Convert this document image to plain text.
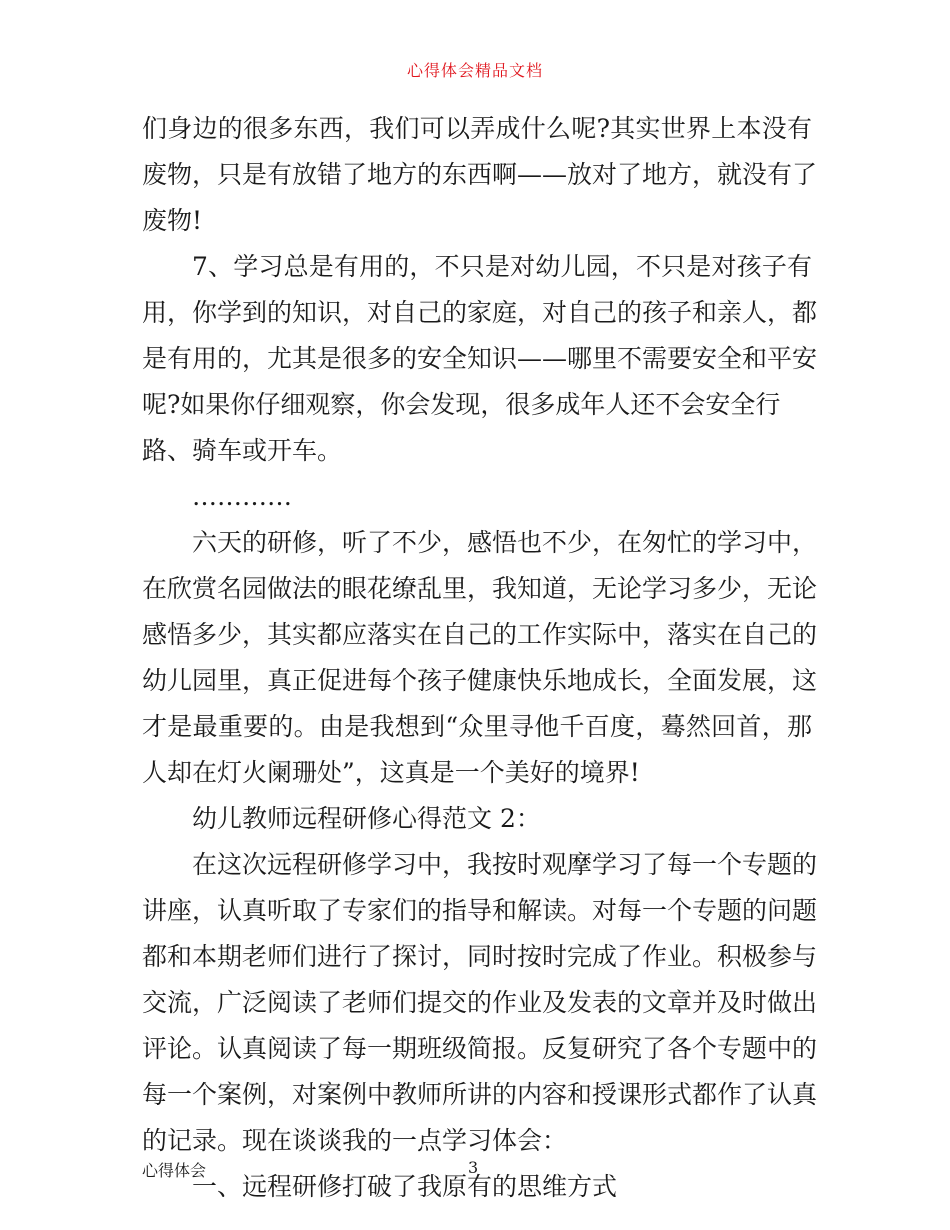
心得体会精品文档
们身边的很多东西，我们可以弄成什么呢?其实世界上本没有
废物，只是有放错了地方的东西啊——放对了地方，就没有了
废物!
7、学习总是有用的，不只是对幼儿园，不只是对孩子有
用，你学到的知识，对自己的家庭，对自己的孩子和亲人，都
是有用的，尤其是很多的安全知识——哪里不需要安全和平安
呢?如果你仔细观察，你会发现，很多成年人还不会安全行
路、骑车或开车。
…………
六天的研修，听了不少，感悟也不少，在匆忙的学习中，
在欣赏名园做法的眼花缭乱里，我知道，无论学习多少，无论
感悟多少，其实都应落实在自己的工作实际中，落实在自己的
幼儿园里，真正促进每个孩子健康快乐地成长，全面发展，这
才是最重要的。由是我想到“众里寻他千百度，蓦然回首，那
人却在灯火阑珊处”，这真是一个美好的境界!
幼儿教师远程研修心得范文 2：
在这次远程研修学习中，我按时观摩学习了每一个专题的
讲座，认真听取了专家们的指导和解读。对每一个专题的问题
都和本期老师们进行了探讨，同时按时完成了作业。积极参与
交流，广泛阅读了老师们提交的作业及发表的文章并及时做出
评论。认真阅读了每一期班级简报。反复研究了各个专题中的
每一个案例，对案例中教师所讲的内容和授课形式都作了认真
的记录。现在谈谈我的一点学习体会：
一、远程研修打破了我原有的思维方式
心得体会	3
